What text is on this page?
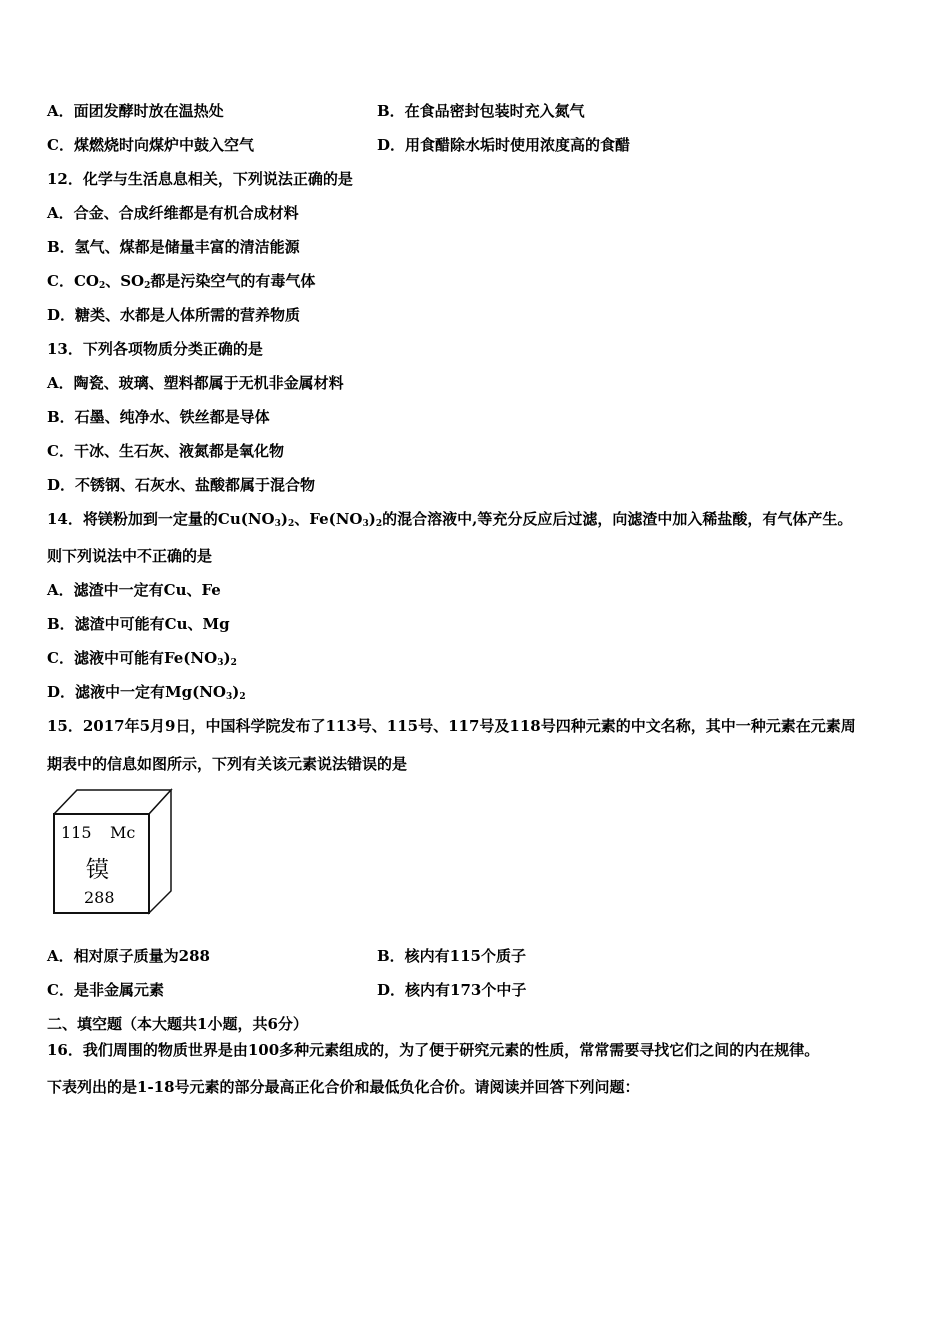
A．面团发酵时放在温热处	B．在食品密封包装时充入氮气
C．煤燃烧时向煤炉中鼓入空气	D．用食醋除水垢时使用浓度高的食醋
12．化学与生活息息相关，下列说法正确的是
A．合金、合成纤维都是有机合成材料
B．氢气、煤都是储量丰富的清洁能源
C．$CO_2$、$SO_2$都是污染空气的有毒气体
D．糖类、水都是人体所需的营养物质
13．下列各项物质分类正确的是
A．陶瓷、玻璃、塑料都属于无机非金属材料
B．石墨、纯净水、铁丝都是导体
C．干冰、生石灰、液氮都是氧化物
D．不锈钢、石灰水、盐酸都属于混合物
14．将镁粉加到一定量的$Cu(NO_3)_2$、$Fe(NO_3)_2$的混合溶液中,等充分反应后过滤，向滤渣中加入稀盐酸，有气体产生。
则下列说法中不正确的是
A．滤渣中一定有Cu、Fe
B．滤渣中可能有Cu、Mg
C．滤液中可能有$Fe(NO_3)_2$
D．滤液中一定有$Mg(NO_3)_2$
15．2017年5月9日，中国科学院发布了113号、115号、117号及118号四种元素的中文名称，其中一种元素在元素周
期表中的信息如图所示，下列有关该元素说法错误的是
115 Mc
镆
288
A．相对原子质量为288	B．核内有115个质子
C．是非金属元素	D．核内有173个中子
二、填空题（本大题共1小题，共6分）
16．我们周围的物质世界是由100多种元素组成的，为了便于研究元素的性质，常常需要寻找它们之间的内在规律。
下表列出的是1-18号元素的部分最高正化合价和最低负化合价。请阅读并回答下列问题：
